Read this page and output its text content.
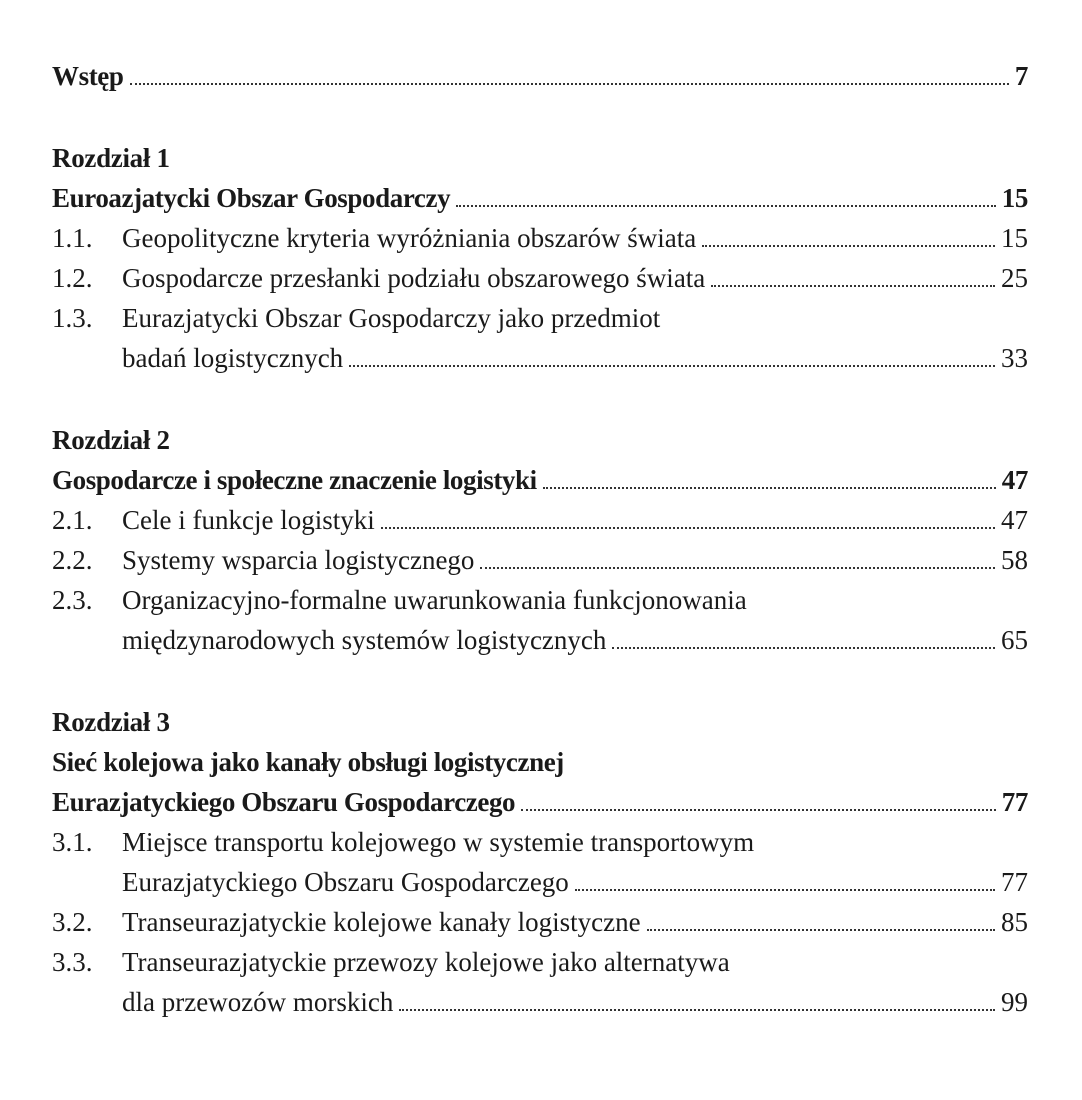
Wstęp	7
Rozdział 1
Euroazjatycki Obszar Gospodarczy	15
1.1.	Geopolityczne kryteria wyróżniania obszarów świata	15
1.2.	Gospodarcze przesłanki podziału obszarowego świata	25
1.3.	Eurazjatycki Obszar Gospodarczy jako przedmiot
badań logistycznych	33
Rozdział 2
Gospodarcze i społeczne znaczenie logistyki	47
2.1.	Cele i funkcje logistyki	47
2.2.	Systemy wsparcia logistycznego	58
2.3.	Organizacyjno-formalne uwarunkowania funkcjonowania
międzynarodowych systemów logistycznych	65
Rozdział 3
Sieć kolejowa jako kanały obsługi logistycznej
Eurazjatyckiego Obszaru Gospodarczego	77
3.1.	Miejsce transportu kolejowego w systemie transportowym
Eurazjatyckiego Obszaru Gospodarczego	77
3.2.	Transeurazjatyckie kolejowe kanały logistyczne	85
3.3.	Transeurazjatyckie przewozy kolejowe jako alternatywa
dla przewozów morskich	99
